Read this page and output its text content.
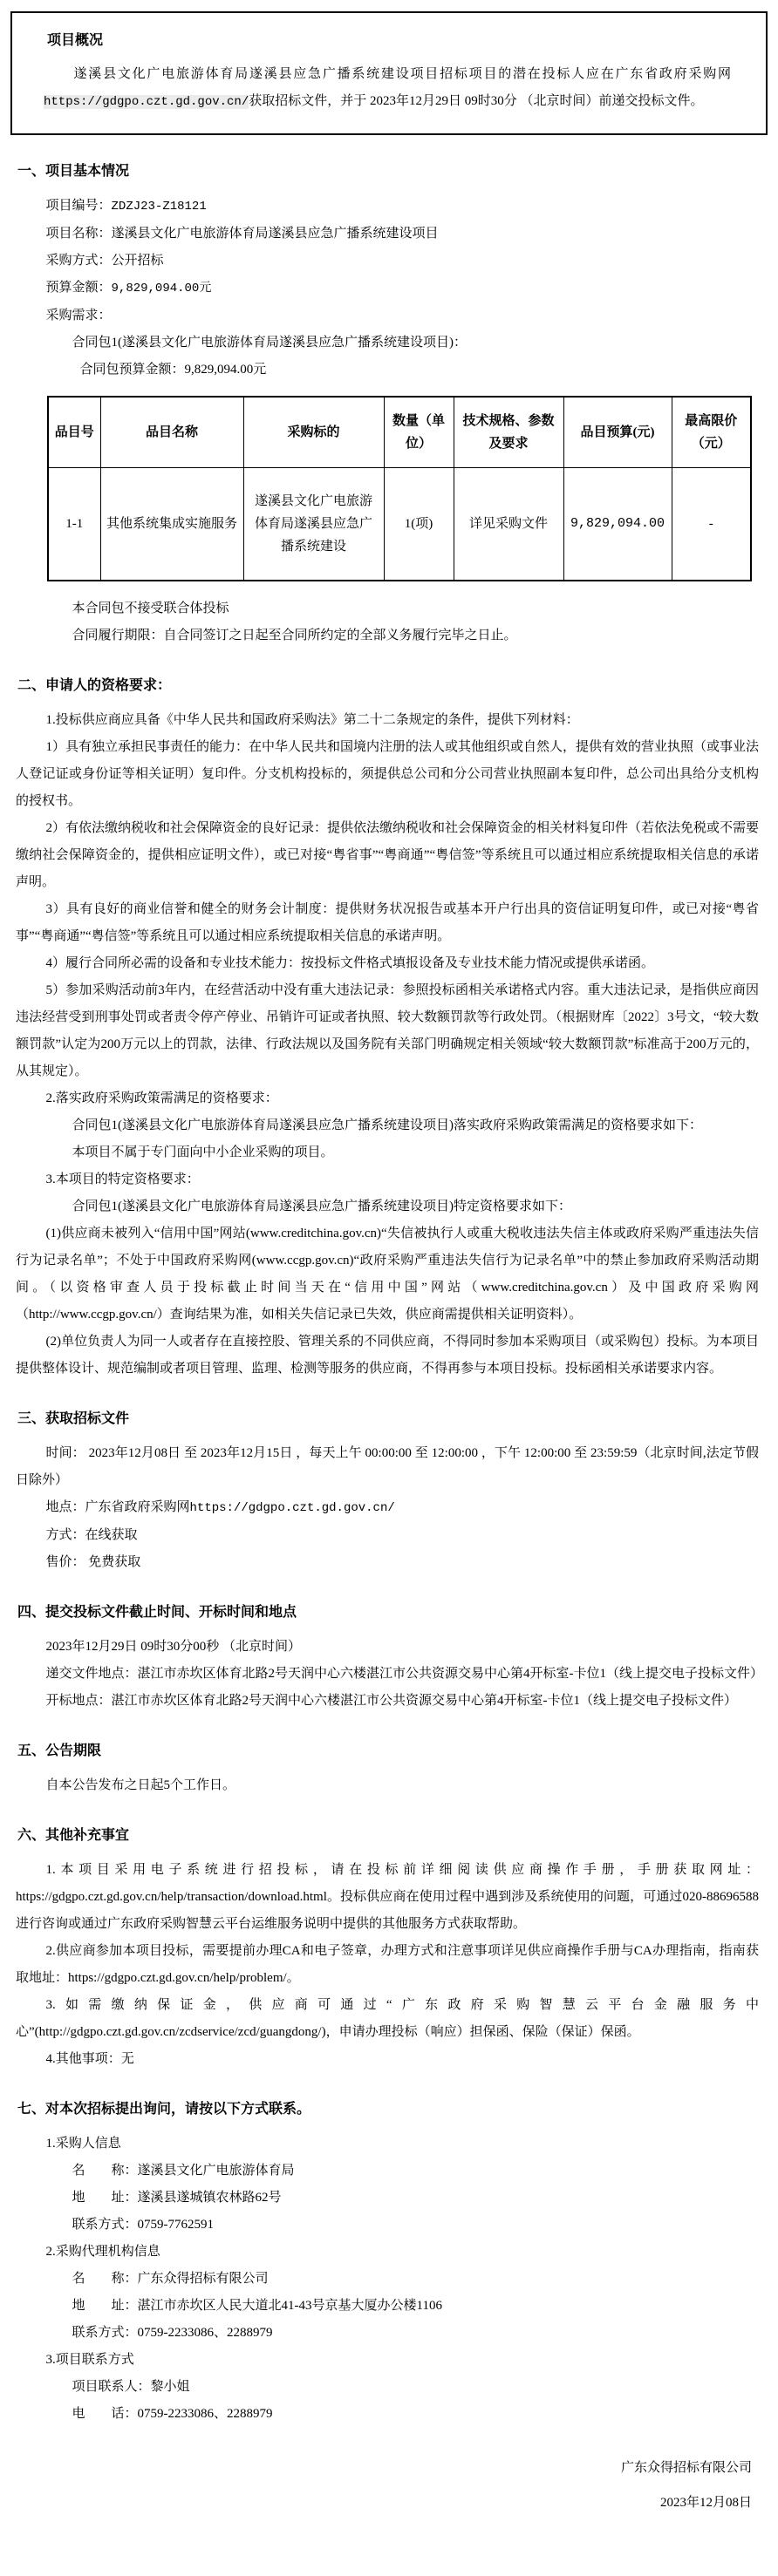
项目概况

遂溪县文化广电旅游体育局遂溪县应急广播系统建设项目招标项目的潜在投标人应在广东省政府采购网https://gdgpo.czt.gd.gov.cn/获取招标文件，并于 2023年12月29日 09时30分 （北京时间）前递交投标文件。

一、项目基本情况

项目编号：ZDZJ23-Z18121

项目名称：遂溪县文化广电旅游体育局遂溪县应急广播系统建设项目

采购方式：公开招标

预算金额：9,829,094.00元

采购需求：

合同包1(遂溪县文化广电旅游体育局遂溪县应急广播系统建设项目)：

合同包预算金额：9,829,094.00元

品目号	品目名称	采购标的	数量（单位）	技术规格、参数及要求	品目预算(元)	最高限价（元）
1-1	其他系统集成实施服务	遂溪县文化广电旅游体育局遂溪县应急广播系统建设	1(项)	详见采购文件	9,829,094.00	-

本合同包不接受联合体投标

合同履行期限：自合同签订之日起至合同所约定的全部义务履行完毕之日止。

二、申请人的资格要求：

1.投标供应商应具备《中华人民共和国政府采购法》第二十二条规定的条件，提供下列材料：

1）具有独立承担民事责任的能力：在中华人民共和国境内注册的法人或其他组织或自然人，提供有效的营业执照（或事业法人登记证或身份证等相关证明）复印件。分支机构投标的，须提供总公司和分公司营业执照副本复印件，总公司出具给分支机构的授权书。

2）有依法缴纳税收和社会保障资金的良好记录：提供依法缴纳税收和社会保障资金的相关材料复印件（若依法免税或不需要缴纳社会保障资金的，提供相应证明文件），或已对接“粤省事”“粤商通”“粤信签”等系统且可以通过相应系统提取相关信息的承诺声明。

3）具有良好的商业信誉和健全的财务会计制度：提供财务状况报告或基本开户行出具的资信证明复印件，或已对接“粤省事”“粤商通”“粤信签”等系统且可以通过相应系统提取相关信息的承诺声明。

4）履行合同所必需的设备和专业技术能力：按投标文件格式填报设备及专业技术能力情况或提供承诺函。

5）参加采购活动前3年内，在经营活动中没有重大违法记录：参照投标函相关承诺格式内容。重大违法记录，是指供应商因违法经营受到刑事处罚或者责令停产停业、吊销许可证或者执照、较大数额罚款等行政处罚。（根据财库〔2022〕3号文，“较大数额罚款”认定为200万元以上的罚款，法律、行政法规以及国务院有关部门明确规定相关领域“较大数额罚款”标准高于200万元的，从其规定）。

2.落实政府采购政策需满足的资格要求：

合同包1(遂溪县文化广电旅游体育局遂溪县应急广播系统建设项目)落实政府采购政策需满足的资格要求如下：

本项目不属于专门面向中小企业采购的项目。

3.本项目的特定资格要求：

合同包1(遂溪县文化广电旅游体育局遂溪县应急广播系统建设项目)特定资格要求如下：

(1)供应商未被列入“信用中国”网站(www.creditchina.gov.cn)“失信被执行人或重大税收违法失信主体或政府采购严重违法失信行为记录名单”；不处于中国政府采购网(www.ccgp.gov.cn)“政府采购严重违法失信行为记录名单”中的禁止参加政府采购活动期间。（以资格审查人员于投标截止时间当天在“信用中国”网站（www.creditchina.gov.cn）及中国政府采购网（http://www.ccgp.gov.cn/）查询结果为准，如相关失信记录已失效，供应商需提供相关证明资料）。

(2)单位负责人为同一人或者存在直接控股、管理关系的不同供应商，不得同时参加本采购项目（或采购包）投标。为本项目提供整体设计、规范编制或者项目管理、监理、检测等服务的供应商，不得再参与本项目投标。投标函相关承诺要求内容。

三、获取招标文件

时间： 2023年12月08日 至 2023年12月15日 ，每天上午 00:00:00 至 12:00:00 ，下午 12:00:00 至 23:59:59（北京时间,法定节假日除外）

地点：广东省政府采购网https://gdgpo.czt.gd.gov.cn/

方式：在线获取

售价： 免费获取

四、提交投标文件截止时间、开标时间和地点

2023年12月29日 09时30分00秒 （北京时间）

递交文件地点：湛江市赤坎区体育北路2号天润中心六楼湛江市公共资源交易中心第4开标室-卡位1（线上提交电子投标文件）

开标地点：湛江市赤坎区体育北路2号天润中心六楼湛江市公共资源交易中心第4开标室-卡位1（线上提交电子投标文件）

五、公告期限

自本公告发布之日起5个工作日。

六、其他补充事宜

1.本项目采用电子系统进行招投标，请在投标前详细阅读供应商操作手册，手册获取网址：https://gdgpo.czt.gd.gov.cn/help/transaction/download.html。投标供应商在使用过程中遇到涉及系统使用的问题，可通过020-88696588 进行咨询或通过广东政府采购智慧云平台运维服务说明中提供的其他服务方式获取帮助。

2.供应商参加本项目投标，需要提前办理CA和电子签章，办理方式和注意事项详见供应商操作手册与CA办理指南，指南获取地址：https://gdgpo.czt.gd.gov.cn/help/problem/。

3.如需缴纳保证金，供应商可通过“广东政府采购智慧云平台金融服务中心”(http://gdgpo.czt.gd.gov.cn/zcdservice/zcd/guangdong/)，申请办理投标（响应）担保函、保险（保证）保函。

4.其他事项：无

七、对本次招标提出询问，请按以下方式联系。

1.采购人信息

名　　称：遂溪县文化广电旅游体育局

地　　址：遂溪县遂城镇农林路62号

联系方式：0759-7762591

2.采购代理机构信息

名　　称：广东众得招标有限公司

地　　址：湛江市赤坎区人民大道北41-43号京基大厦办公楼1106

联系方式：0759-2233086、2288979

3.项目联系方式

项目联系人：黎小姐

电　　话：0759-2233086、2288979

广东众得招标有限公司

2023年12月08日
